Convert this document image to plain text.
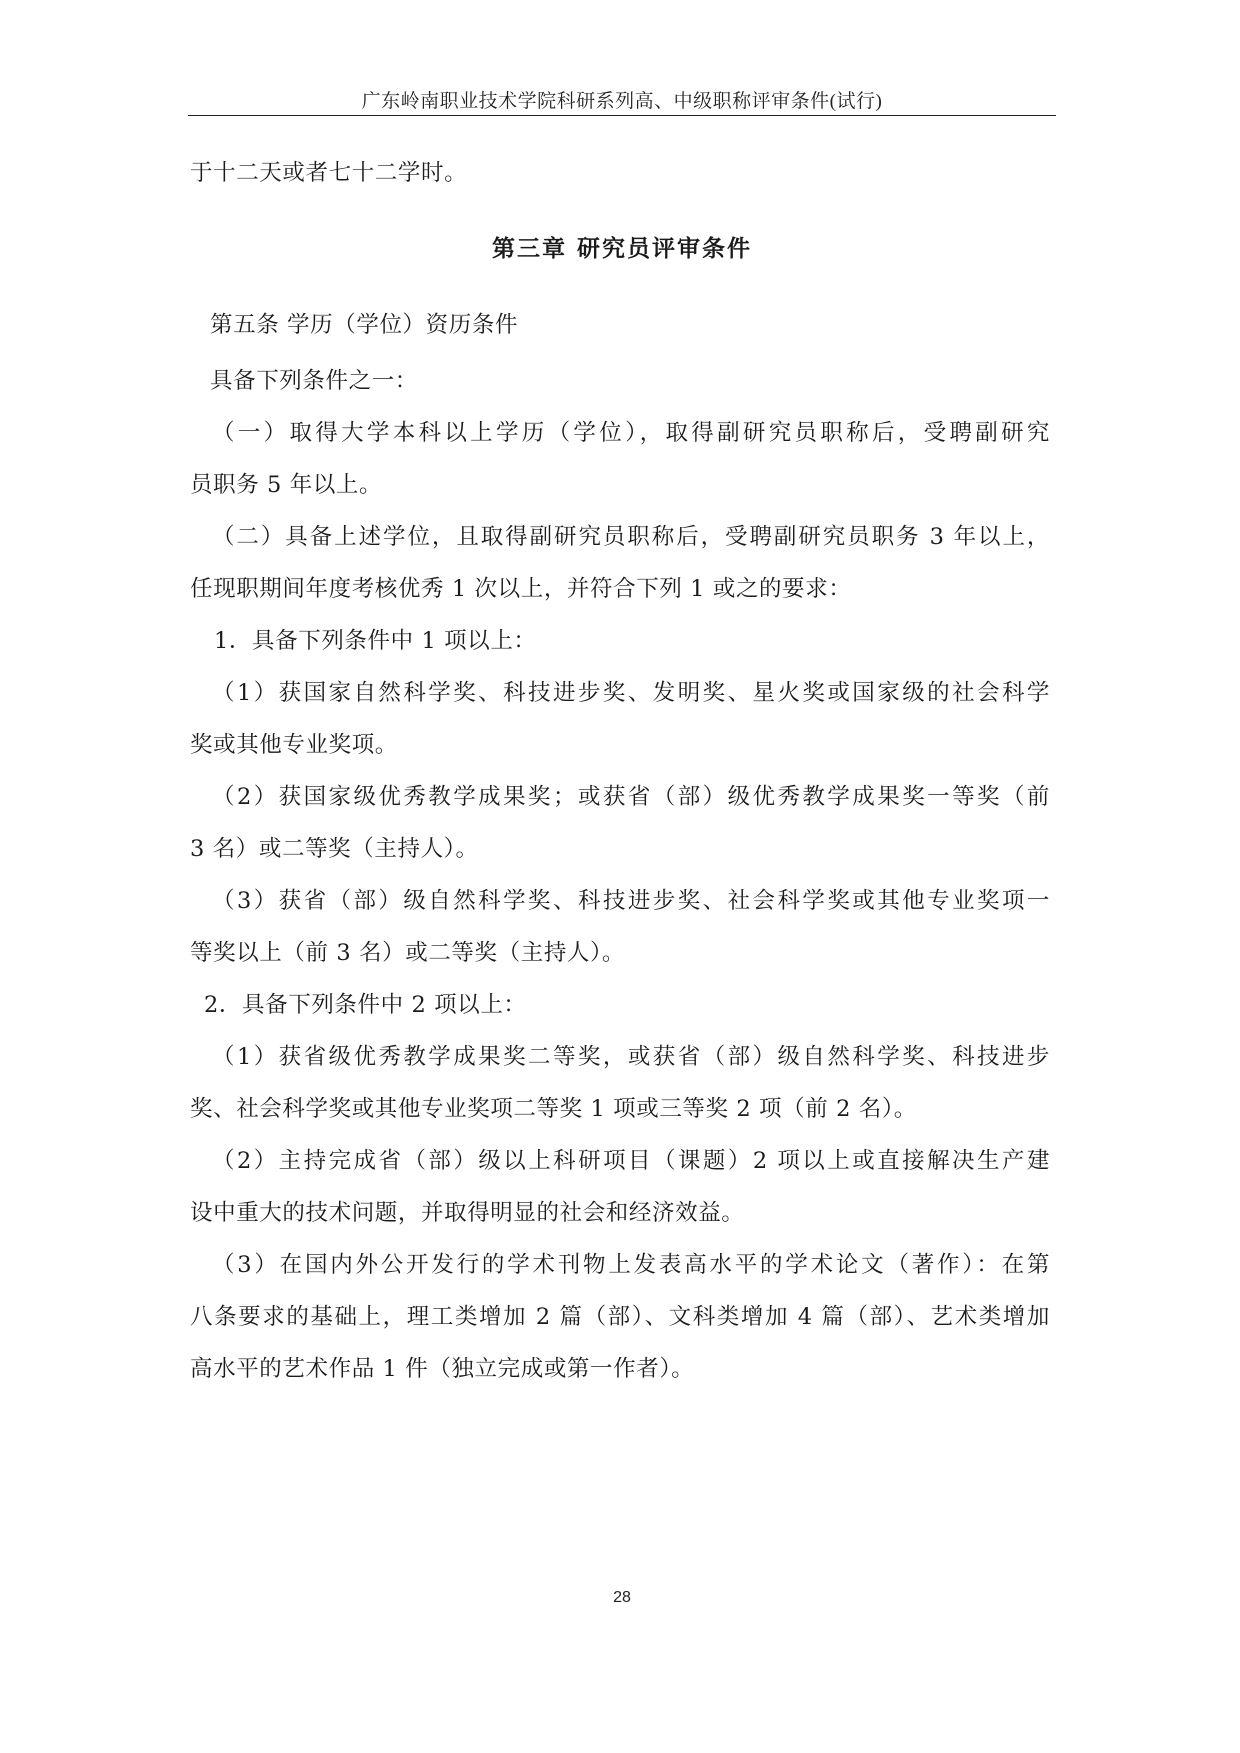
广东岭南职业技术学院科研系列高、中级职称评审条件(试行)
于十二天或者七十二学时。
第三章 研究员评审条件
第五条 学历（学位）资历条件
具备下列条件之一：
（一）取得大学本科以上学历（学位），取得副研究员职称后，受聘副研究
员职务 5 年以上。
（二）具备上述学位，且取得副研究员职称后，受聘副研究员职务 3 年以上，
任现职期间年度考核优秀 1 次以上，并符合下列 1 或之的要求：
1．具备下列条件中 1 项以上：
（1）获国家自然科学奖、科技进步奖、发明奖、星火奖或国家级的社会科学
奖或其他专业奖项。
（2）获国家级优秀教学成果奖；或获省（部）级优秀教学成果奖一等奖（前
3 名）或二等奖（主持人）。
（3）获省（部）级自然科学奖、科技进步奖、社会科学奖或其他专业奖项一
等奖以上（前 3 名）或二等奖（主持人）。
2．具备下列条件中 2 项以上：
（1）获省级优秀教学成果奖二等奖，或获省（部）级自然科学奖、科技进步
奖、社会科学奖或其他专业奖项二等奖 1 项或三等奖 2 项（前 2 名）。
（2）主持完成省（部）级以上科研项目（课题）2 项以上或直接解决生产建
设中重大的技术问题，并取得明显的社会和经济效益。
（3）在国内外公开发行的学术刊物上发表高水平的学术论文（著作）：在第
八条要求的基础上，理工类增加 2 篇（部）、文科类增加 4 篇（部）、艺术类增加
高水平的艺术作品 1 件（独立完成或第一作者）。
28
